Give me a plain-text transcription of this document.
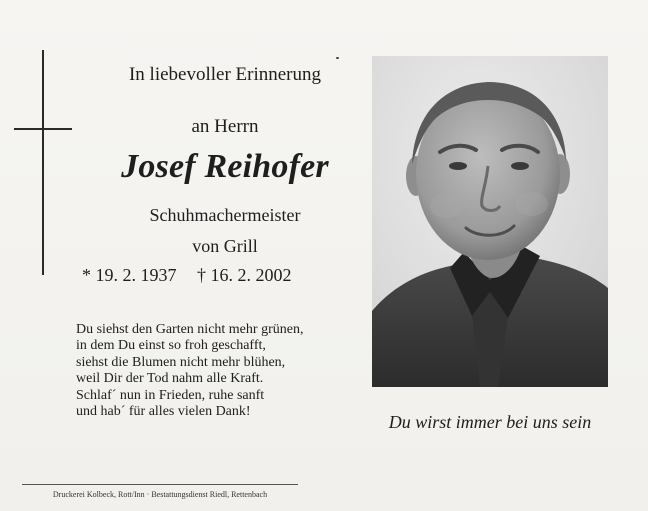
In liebevoller Erinnerung
an Herrn
Josef Reihofer
Schuhmachermeister
von Grill
* 19. 2. 1937 † 16. 2. 2002
Du siehst den Garten nicht mehr grünen,
in dem Du einst so froh geschafft,
siehst die Blumen nicht mehr blühen,
weil Dir der Tod nahm alle Kraft.
Schlaf´ nun in Frieden, ruhe sanft
und hab´ für alles vielen Dank!
Du wirst immer bei uns sein
Druckerei Kolbeck, Rott/Inn · Bestattungsdienst Riedl, Rettenbach
